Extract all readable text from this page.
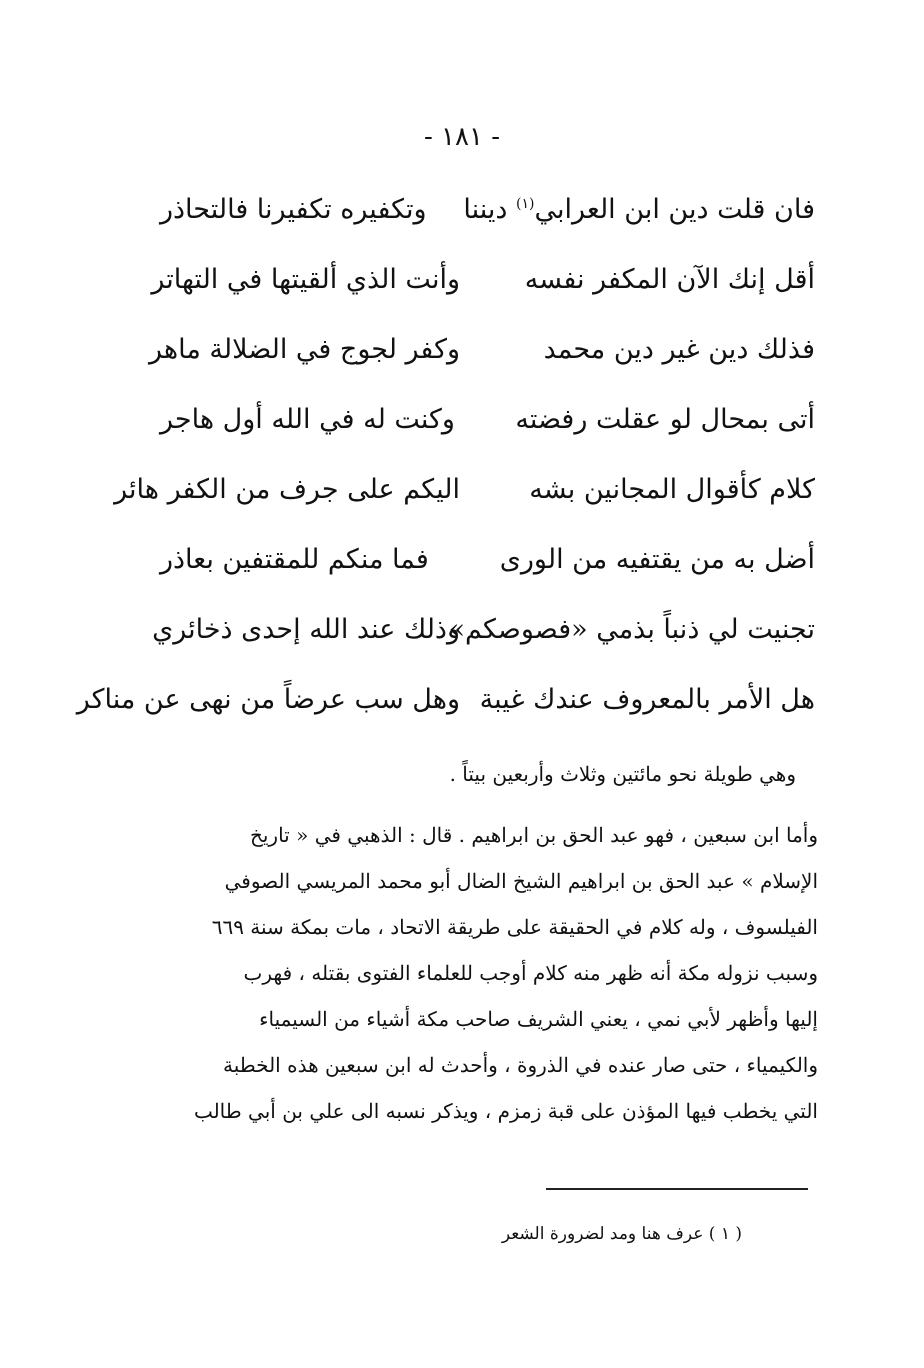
- ١٨١ -
فان قلت دين ابن العرابي$^{(١)}$ ديننا
وتكفيره تكفيرنا فالتحاذر
أقل إنك الآن المكفر نفسه
وأنت الذي ألقيتها في التهاتر
فذلك دين غير دين محمد
وكفر لجوج في الضلالة ماهر
أتى بمحال لو عقلت رفضته
وكنت له في الله أول هاجر
كلام كأقوال المجانين بشه
اليكم على جرف من الكفر هائر
أضل به من يقتفيه من الورى
فما منكم للمقتفين بعاذر
تجنيت لي ذنباً بذمي «فصوصكم»
وذلك عند الله إحدى ذخائري
هل الأمر بالمعروف عندك غيبة
وهل سب عرضاً من نهى عن مناكر
وهي طويلة نحو مائتين وثلاث وأربعين بيتاً .
وأما ابن سبعين ، فهو عبد الحق بن ابراهيم . قال : الذهبي في « تاريخ
الإسلام » عبد الحق بن ابراهيم الشيخ الضال أبو محمد المريسي الصوفي
الفيلسوف ، وله كلام في الحقيقة على طريقة الاتحاد ، مات بمكة سنة ٦٦٩
وسبب نزوله مكة أنه ظهر منه كلام أوجب للعلماء الفتوى بقتله ، فهرب
إليها وأظهر لأبي نمي ، يعني الشريف صاحب مكة أشياء من السيمياء
والكيمياء ، حتى صار عنده في الذروة ، وأحدث له ابن سبعين هذه الخطبة
التي يخطب فيها المؤذن على قبة زمزم ، ويذكر نسبه الى علي بن أبي طالب
( ١ ) عرف هنا ومد لضرورة الشعر
